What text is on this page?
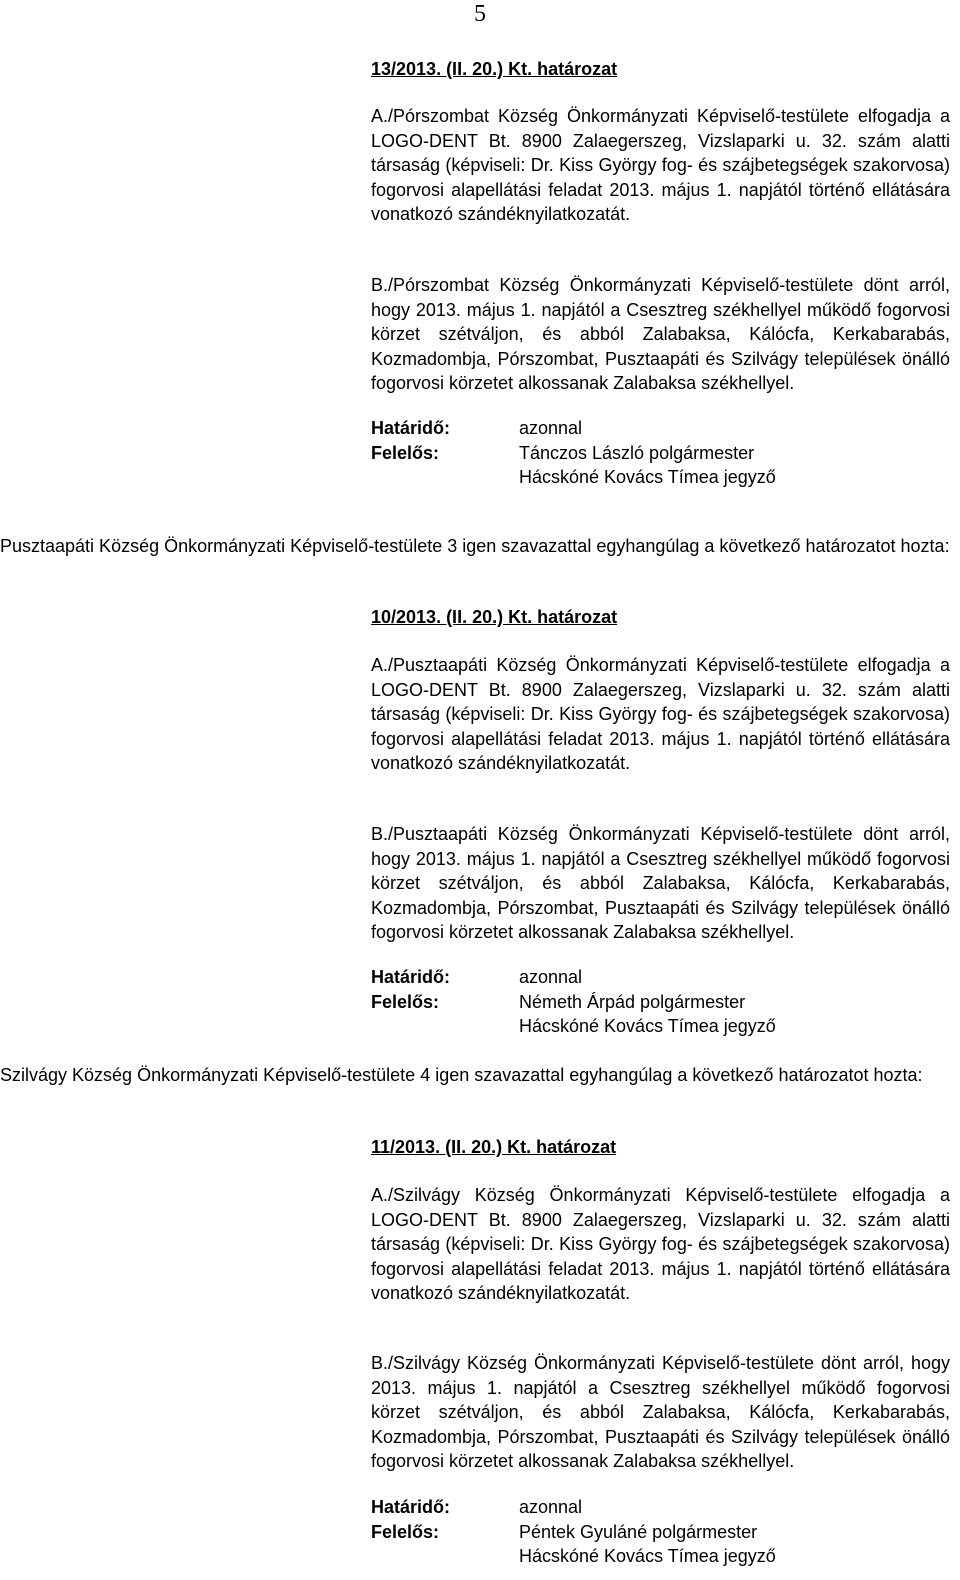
5
13/2013. (II. 20.) Kt. határozat
A./Pórszombat Község Önkormányzati Képviselő-testülete elfogadja a LOGO-DENT Bt. 8900 Zalaegerszeg, Vizslaparki u. 32. szám alatti társaság (képviseli: Dr. Kiss György fog- és szájbetegségek szakorvosa) fogorvosi alapellátási feladat 2013. május 1. napjától történő ellátására vonatkozó szándéknyilatkozatát.
B./Pórszombat Község Önkormányzati Képviselő-testülete dönt arról, hogy 2013. május 1. napjától a Csesztreg székhellyel működő fogorvosi körzet szétváljon, és abból Zalabaksa, Kálócfa, Kerkabarabás, Kozmadombja, Pórszombat, Pusztaapáti és Szilvágy települések önálló fogorvosi körzetet alkossanak Zalabaksa székhellyel.
Határidő:	azonnal
Felelős:	Tánczos László polgármester
Hácskóné Kovács Tímea jegyző
Pusztaapáti Község Önkormányzati Képviselő-testülete 3 igen szavazattal egyhangúlag a következő határozatot hozta:
10/2013. (II. 20.) Kt. határozat
A./Pusztaapáti Község Önkormányzati Képviselő-testülete elfogadja a LOGO-DENT Bt. 8900 Zalaegerszeg, Vizslaparki u. 32. szám alatti társaság (képviseli: Dr. Kiss György fog- és szájbetegségek szakorvosa) fogorvosi alapellátási feladat 2013. május 1. napjától történő ellátására vonatkozó szándéknyilatkozatát.
B./Pusztaapáti Község Önkormányzati Képviselő-testülete dönt arról, hogy 2013. május 1. napjától a Csesztreg székhellyel működő fogorvosi körzet szétváljon, és abból Zalabaksa, Kálócfa, Kerkabarabás, Kozmadombja, Pórszombat, Pusztaapáti és Szilvágy települések önálló fogorvosi körzetet alkossanak Zalabaksa székhellyel.
Határidő:	azonnal
Felelős:	Németh Árpád polgármester
Hácskóné Kovács Tímea jegyző
Szilvágy Község Önkormányzati Képviselő-testülete 4 igen szavazattal egyhangúlag a következő határozatot hozta:
11/2013. (II. 20.) Kt. határozat
A./Szilvágy Község Önkormányzati Képviselő-testülete elfogadja a LOGO-DENT Bt. 8900 Zalaegerszeg, Vizslaparki u. 32. szám alatti társaság (képviseli: Dr. Kiss György fog- és szájbetegségek szakorvosa) fogorvosi alapellátási feladat 2013. május 1. napjától történő ellátására vonatkozó szándéknyilatkozatát.
B./Szilvágy Község Önkormányzati Képviselő-testülete dönt arról, hogy 2013. május 1. napjától a Csesztreg székhellyel működő fogorvosi körzet szétváljon, és abból Zalabaksa, Kálócfa, Kerkabarabás, Kozmadombja, Pórszombat, Pusztaapáti és Szilvágy települések önálló fogorvosi körzetet alkossanak Zalabaksa székhellyel.
Határidő:	azonnal
Felelős:	Péntek Gyuláné polgármester
Hácskóné Kovács Tímea jegyző
